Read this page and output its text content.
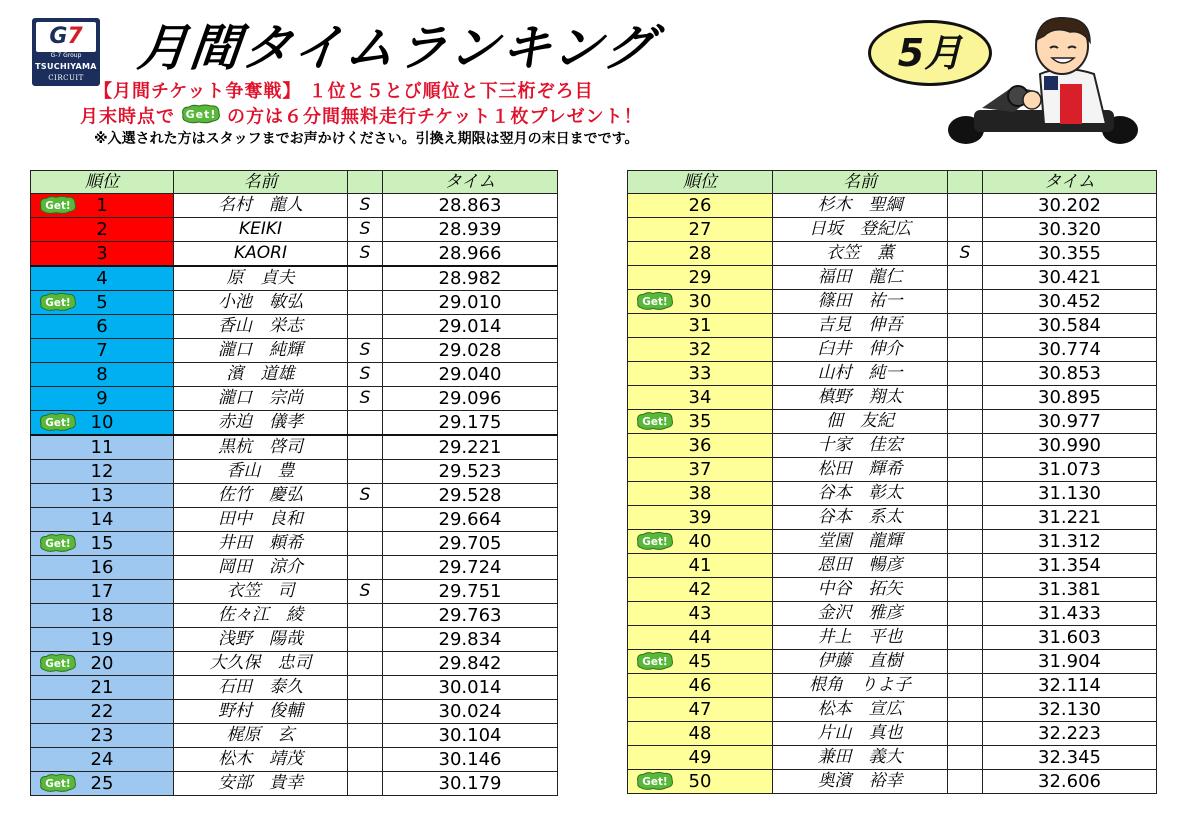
G7
G-7 Group
TSUCHIYAMA
CIRCUIT
月間タイムランキング	5月
【月間チケット争奪戦】 １位と５とび順位と下三桁ぞろ目
月末時点で Get! の方は６分間無料走行チケット１枚プレゼント！
※入選された方はスタッフまでお声かけください。引換え期限は翌月の末日までです。
順位	名前		タイム

Get! 1	名村　龍人	S	28.863
2	KEIKI	S	28.939
3	KAORI	S	28.966
4	原　貞夫		28.982

Get! 5	小池　敏弘		29.010
6	香山　栄志		29.014
7	瀧口　純輝	S	29.028
8	濱　道雄	S	29.040
9	瀧口　宗尚	S	29.096

Get! 10	赤迫　儀孝		29.175
11	黒杭　啓司		29.221
12	香山　豊		29.523
13	佐竹　慶弘	S	29.528
14	田中　良和		29.664

Get! 15	井田　頼希		29.705
16	岡田　涼介		29.724
17	衣笠　司	S	29.751
18	佐々江　綾		29.763
19	浅野　陽哉		29.834

Get! 20	大久保　忠司		29.842
21	石田　泰久		30.014
22	野村　俊輔		30.024
23	梶原　玄		30.104
24	松木　靖茂		30.146

Get! 25	安部　貴幸		30.179
順位	名前		タイム
26	杉木　聖綱		30.202
27	日坂　登紀広		30.320
28	衣笠　薫	S	30.355
29	福田　龍仁		30.421

Get! 30	篠田　祐一		30.452
31	吉見　伸吾		30.584
32	臼井　伸介		30.774
33	山村　純一		30.853
34	槙野　翔太		30.895

Get! 35	佃　友紀		30.977
36	十家　佳宏		30.990
37	松田　輝希		31.073
38	谷本　彰太		31.130
39	谷本　系太		31.221

Get! 40	堂園　龍輝		31.312
41	恩田　暢彦		31.354
42	中谷　拓矢		31.381
43	金沢　雅彦		31.433
44	井上　平也		31.603

Get! 45	伊藤　直樹		31.904
46	根角　りよ子		32.114
47	松本　宣広		32.130
48	片山　真也		32.223
49	兼田　義大		32.345

Get! 50	奥濱　裕幸		32.606
